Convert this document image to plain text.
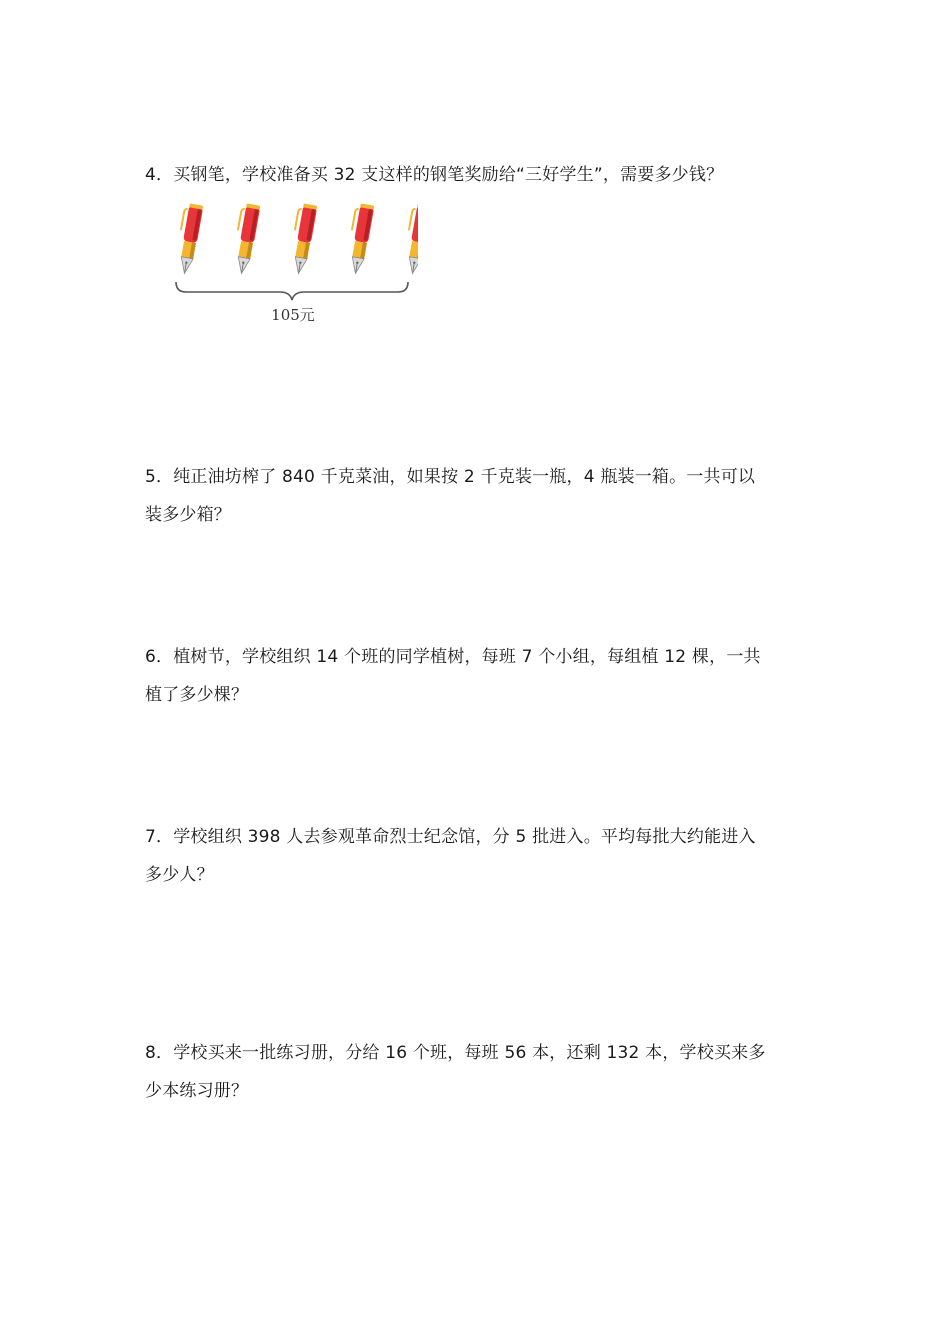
4．买钢笔，学校准备买 32 支这样的钢笔奖励给“三好学生”，需要多少钱？
105元
5．纯正油坊榨了 840 千克菜油，如果按 2 千克装一瓶，4 瓶装一箱。一共可以
装多少箱？
6．植树节，学校组织 14 个班的同学植树，每班 7 个小组，每组植 12 棵，一共
植了多少棵？
7．学校组织 398 人去参观革命烈士纪念馆，分 5 批进入。平均每批大约能进入
多少人？
8．学校买来一批练习册，分给 16 个班，每班 56 本，还剩 132 本，学校买来多
少本练习册？
